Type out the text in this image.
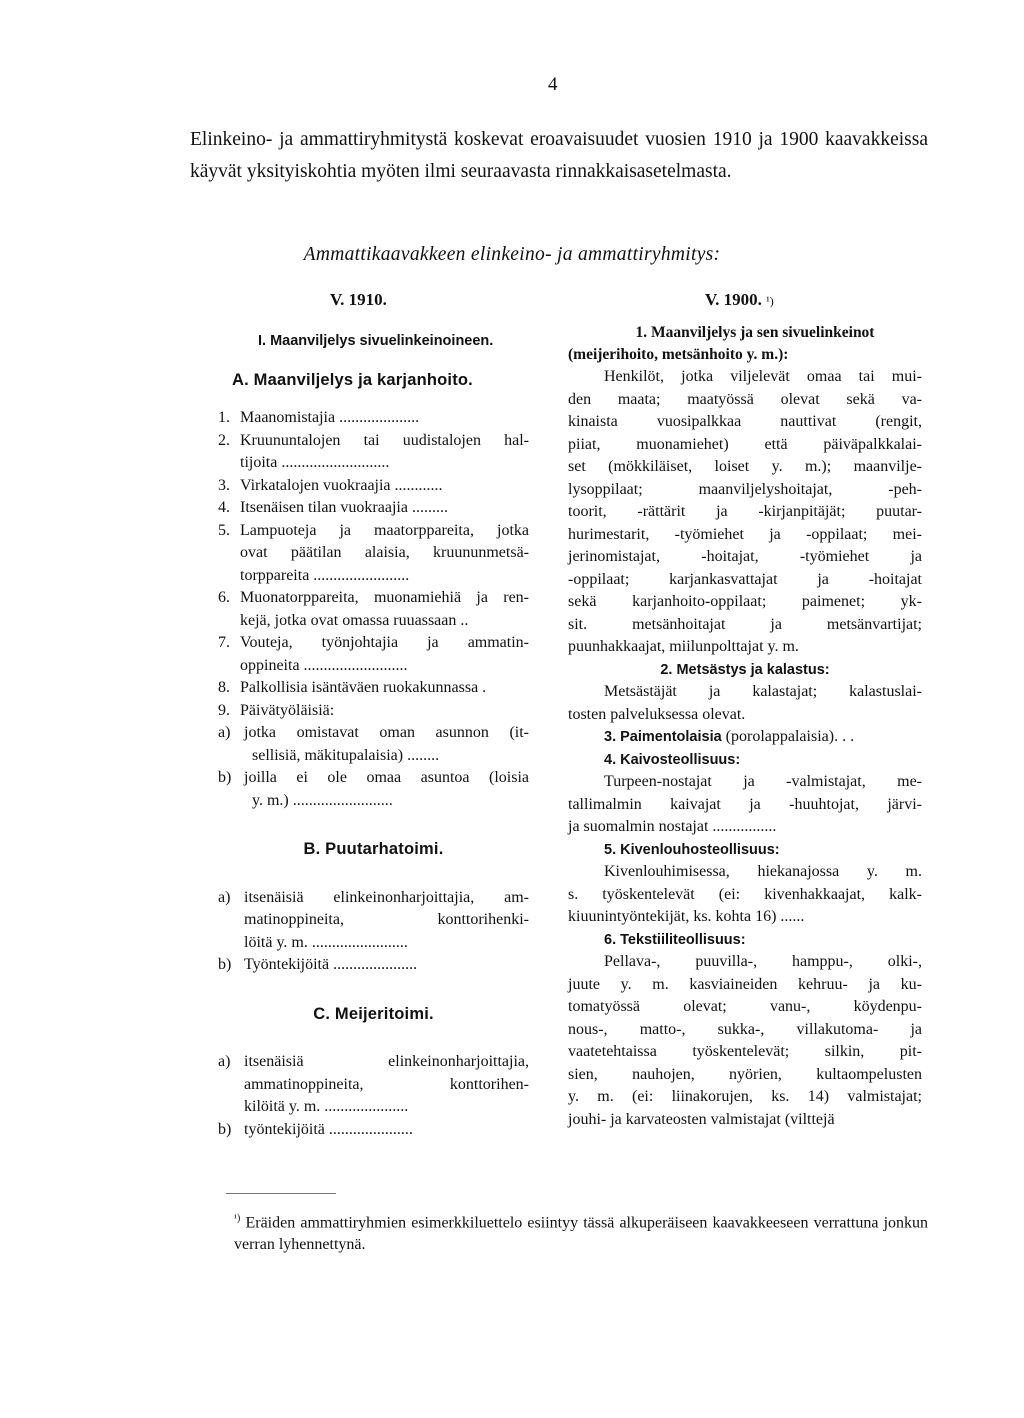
4
Elinkeino- ja ammattiryhmitystä koskevat eroavaisuudet vuosien 1910 ja 1900 kaavakkeissa käyvät yksityiskohtia myöten ilmi seuraavasta rinnakkaisasetelmasta.
Ammattikaavakkeen elinkeino- ja ammattiryhmitys:
V. 1910.	V. 1900. ¹)
I. Maanviljelys sivuelinkeinoineen.
A. Maanviljelys ja karjanhoito.
1. Maanomistajia ....................
2. Kruununtalojen tai uudistalojen hal-
tijoita ...........................
3. Virkatalojen vuokraajia ............
4. Itsenäisen tilan vuokraajia .........
5. Lampuoteja ja maatorppareita, jotka
ovat päätilan alaisia, kruununmetsä-
torppareita ........................
6. Muonatorppareita, muonamiehiä ja ren-
kejä, jotka ovat omassa ruuassaan ..
7. Vouteja, työnjohtajia ja ammatin-
oppineita ..........................
8. Palkollisia isäntäväen ruokakunnassa .
9. Päivätyöläisiä:
a) jotka omistavat oman asunnon (it-
sellisiä, mäkitupalaisia) ........
b) joilla ei ole omaa asuntoa (loisia
y. m.) .........................
B. Puutarhatoimi.
a) itsenäisiä elinkeinonharjoittajia, am-
matinoppineita, konttorihenki-
löitä y. m. ........................
b) Työntekijöitä .....................
C. Meijeritoimi.
a) itsenäisiä elinkeinonharjoittajia,
ammatinoppineita, konttorihen-
kilöitä y. m. .....................
b) työntekijöitä .....................
1. Maanviljelys ja sen sivuelinkeinot
(meijerihoito, metsänhoito y. m.):
Henkilöt, jotka viljelevät omaa tai mui-
den maata; maatyössä olevat sekä va-
kinaista vuosipalkkaa nauttivat (rengit,
piiat, muonamiehet) että päiväpalkkalai-
set (mökkiläiset, loiset y. m.); maanvilje-
lysoppilaat; maanviljelyshoitajat, -peh-
toorit, -rättärit ja -kirjanpitäjät; puutar-
hurimestarit, -työmiehet ja -oppilaat; mei-
jerinomistajat, -hoitajat, -työmiehet ja
-oppilaat; karjankasvattajat ja -hoitajat
sekä karjanhoito-oppilaat; paimenet; yk-
sit. metsänhoitajat ja metsänvartijat;
puunhakkaajat, miilunpolttajat y. m.
2. Metsästys ja kalastus:
Metsästäjät ja kalastajat; kalastuslai-
tosten palveluksessa olevat.
3. Paimentolaisia (porolappalaisia). . .
4. Kaivosteollisuus:
Turpeen-nostajat ja -valmistajat, me-
tallimalmin kaivajat ja -huuhtojat, järvi-
ja suomalmin nostajat ................
5. Kivenlouhosteollisuus:
Kivenlouhimisessa, hiekanajossa y. m.
s. työskentelevät (ei: kivenhakkaajat, kalk-
kiuunintyöntekijät, ks. kohta 16) ......
6. Tekstiiliteollisuus:
Pellava-, puuvilla-, hamppu-, olki-,
juute y. m. kasviaineiden kehruu- ja ku-
tomatyössä olevat; vanu-, köydenpu-
nous-, matto-, sukka-, villakutoma- ja
vaatetehtaissa työskentelevät; silkin, pit-
sien, nauhojen, nyörien, kultaompelusten
y. m. (ei: liinakorujen, ks. 14) valmistajat;
jouhi- ja karvateosten valmistajat (vilttejä
$^{^1)}$ Eräiden ammattiryhmien esimerkkiluettelo esiintyy tässä alkuperäiseen kaavakkeeseen verrattuna jonkun verran lyhennettynä.
